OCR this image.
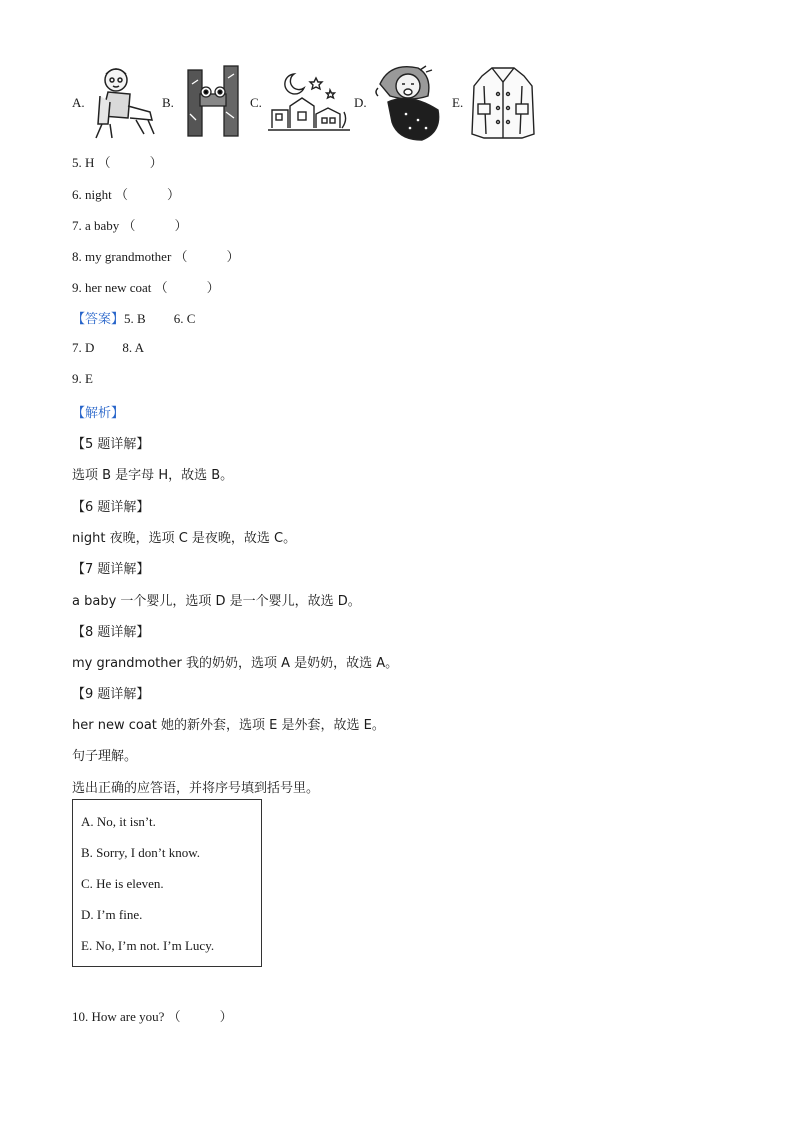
A.	B.	C.	D.	E.
5. H （　　　）
6. night （　　　）
7. a baby （　　　）
8. my grandmother （　　　）
9. her new coat （　　　）
【答案】5. B 6. C
7. D 8. A
9. E
【解析】
【5 题详解】
选项 B 是字母 H，故选 B。
【6 题详解】
night 夜晚，选项 C 是夜晚，故选 C。
【7 题详解】
a baby 一个婴儿，选项 D 是一个婴儿，故选 D。
【8 题详解】
my grandmother 我的奶奶，选项 A 是奶奶，故选 A。
【9 题详解】
her new coat 她的新外套，选项 E 是外套，故选 E。
句子理解。
选出正确的应答语，并将序号填到括号里。
A. No, it isn’t.
B. Sorry, I don’t know.
C. He is eleven.
D. I’m fine.
E. No, I’m not. I’m Lucy.
10. How are you? （　　　）
